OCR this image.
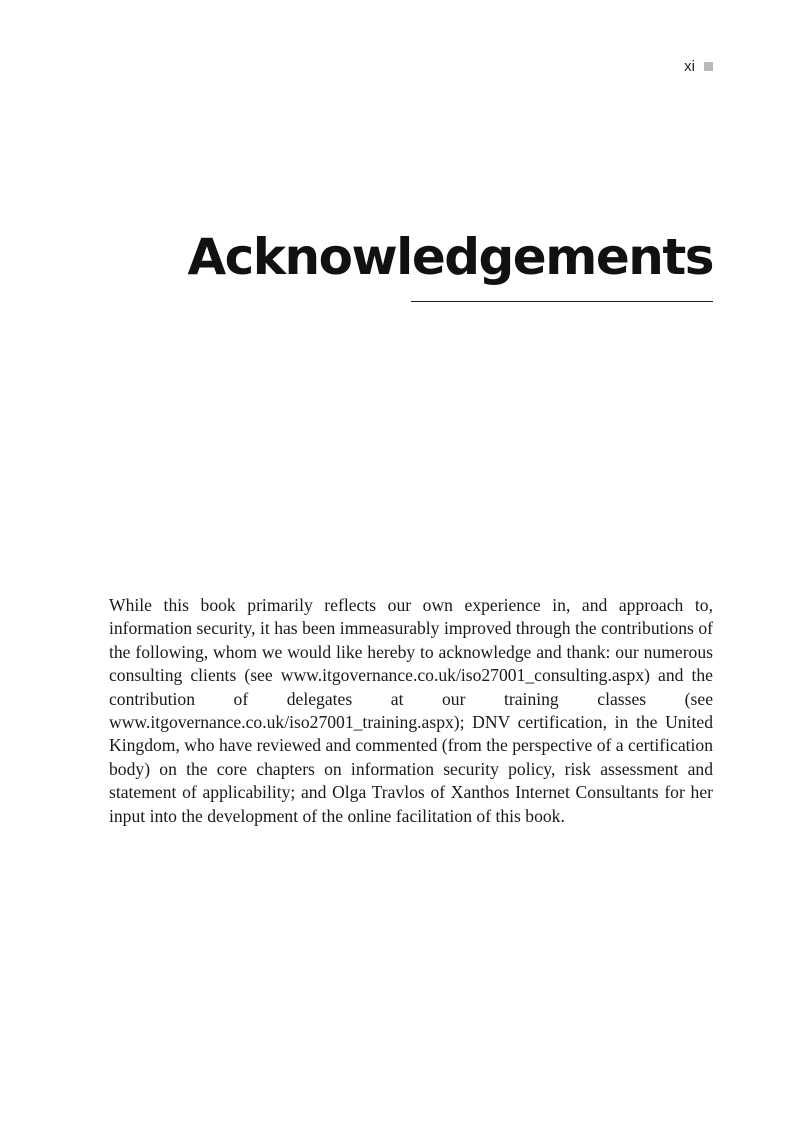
xi
Acknowledgements

While this book primarily reflects our own experience in, and approach to, information security, it has been immeasurably improved through the contributions of the following, whom we would like hereby to acknowledge and thank: our numerous consulting clients (see www.itgovernance.co.uk/iso27001_consulting.aspx) and the contribution of delegates at our training classes (see www.itgovernance.co.uk/iso27001_training.aspx); DNV certification, in the United Kingdom, who have reviewed and commented (from the perspective of a certification body) on the core chapters on information security policy, risk assessment and statement of applicability; and Olga Travlos of Xanthos Internet Consultants for her input into the development of the online facilitation of this book.
